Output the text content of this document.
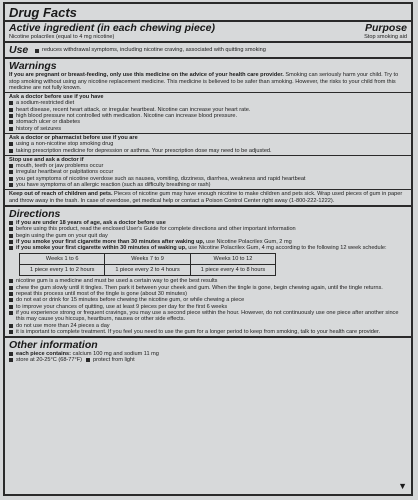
Drug Facts
Active ingredient (in each chewing piece)	Purpose
Nicotine polacrilex (equal to 4 mg nicotine)	Stop smoking aid
Use	reduces withdrawal symptoms, including nicotine craving, associated with quitting smoking
Warnings
If you are pregnant or breast-feeding, only use this medicine on the advice of your health care provider. Smoking can seriously harm your child. Try to stop smoking without using any nicotine replacement medicine. This medicine is believed to be safer than smoking. However, the risks to your child from this medicine are not fully known.
Ask a doctor before use if you have
a sodium-restricted diet
heart disease, recent heart attack, or irregular heartbeat. Nicotine can increase your heart rate.
high blood pressure not controlled with medication. Nicotine can increase blood pressure.
stomach ulcer or diabetes
history of seizures
Ask a doctor or pharmacist before use if you are
using a non-nicotine stop smoking drug
taking prescription medicine for depression or asthma. Your prescription dose may need to be adjusted.
Stop use and ask a doctor if
mouth, teeth or jaw problems occur
irregular heartbeat or palpitations occur
you get symptoms of nicotine overdose such as nausea, vomiting, dizziness, diarrhea, weakness and rapid heartbeat
you have symptoms of an allergic reaction (such as difficulty breathing or rash)
Keep out of reach of children and pets. Pieces of nicotine gum may have enough nicotine to make children and pets sick. Wrap used pieces of gum in paper and throw away in the trash. In case of overdose, get medical help or contact a Poison Control Center right away (1-800-222-1222).
Directions
if you are under 18 years of age, ask a doctor before use
before using this product, read the enclosed User's Guide for complete directions and other important information
begin using the gum on your quit day
if you smoke your first cigarette more than 30 minutes after waking up, use Nicotine Polacrilex Gum, 2 mg
if you smoke your first cigarette within 30 minutes of waking up, use Nicotine Polacrilex Gum, 4 mg according to the following 12 week schedule:
Weeks 1 to 6	Weeks 7 to 9	Weeks 10 to 12
1 piece every 1 to 2 hours	1 piece every 2 to 4 hours	1 piece every 4 to 8 hours
nicotine gum is a medicine and must be used a certain way to get the best results
chew the gum slowly until it tingles. Then park it between your cheek and gum. When the tingle is gone, begin chewing again, until the tingle returns.
repeat this process until most of the tingle is gone (about 30 minutes)
do not eat or drink for 15 minutes before chewing the nicotine gum, or while chewing a piece
to improve your chances of quitting, use at least 9 pieces per day for the first 6 weeks
if you experience strong or frequent cravings, you may use a second piece within the hour. However, do not continuously use one piece after another since this may cause you hiccups, heartburn, nausea or other side effects.
do not use more than 24 pieces a day
it is important to complete treatment. If you feel you need to use the gum for a longer period to keep from smoking, talk to your health care provider.
Other information
each piece contains: calcium 100 mg and sodium 11 mg
store at 20-25°C (68-77°F) protect from light
▼
